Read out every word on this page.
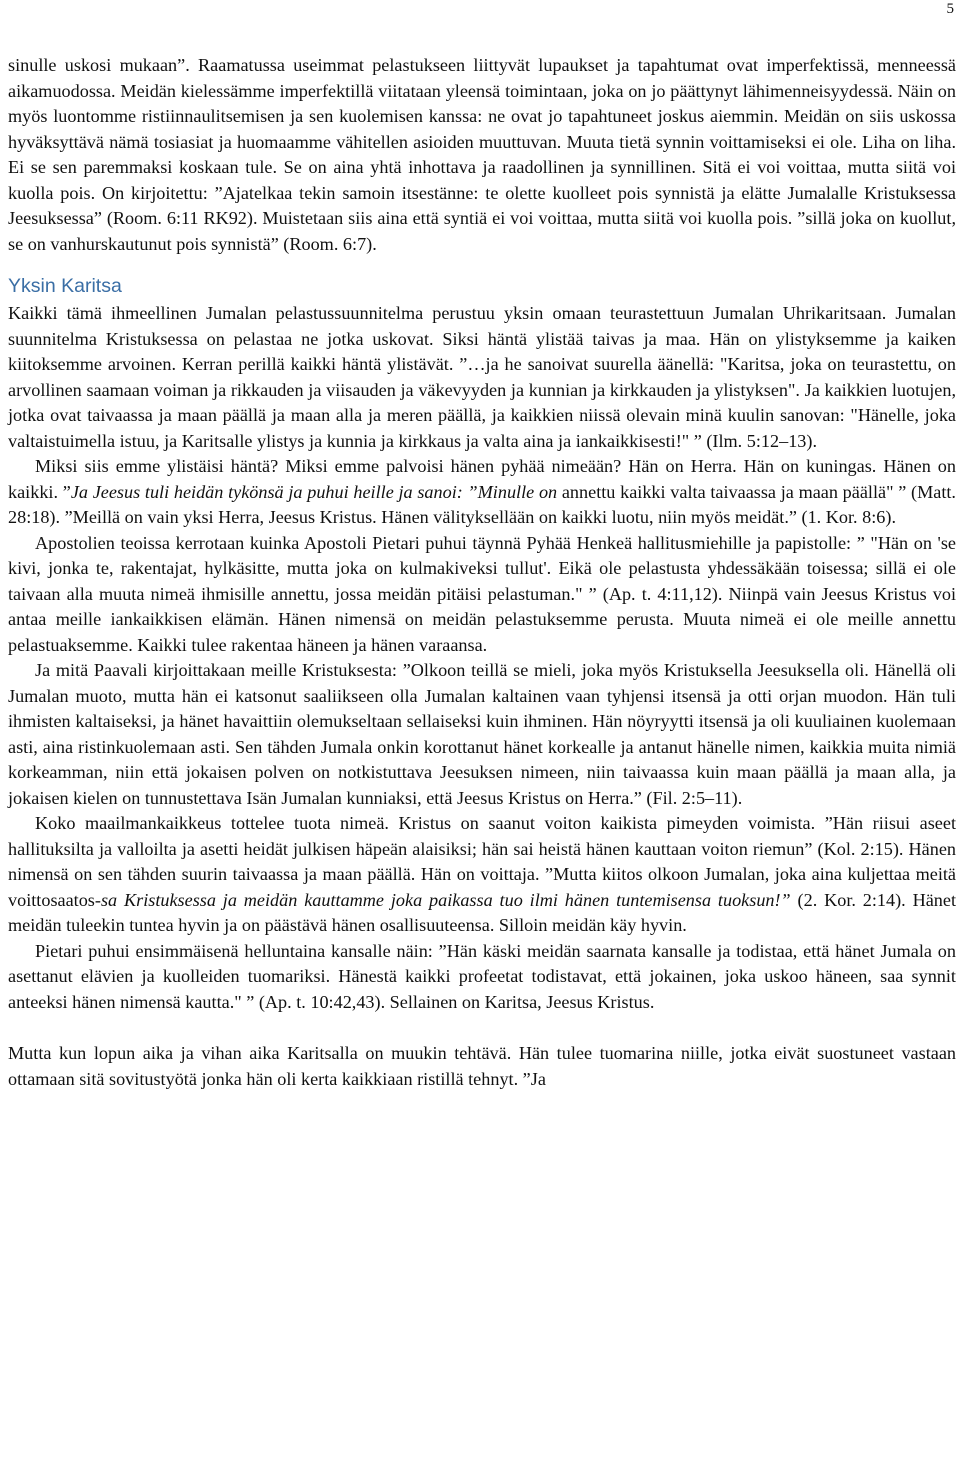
5

sinulle uskosi mukaan”. Raamatussa useimmat pelastukseen liittyvät lupaukset ja tapahtumat ovat imperfektissä, menneessä aikamuodossa. Meidän kielessämme imperfektillä viitataan yleensä toimintaan, joka on jo päättynyt lähimenneisyydessä. Näin on myös luontomme ristiinnaulitsemisen ja sen kuolemisen kanssa: ne ovat jo tapahtuneet joskus aiemmin. Meidän on siis uskossa hyväksyttävä nämä tosiasiat ja huomaamme vähitellen asioiden muuttuvan. Muuta tietä synnin voittamiseksi ei ole. Liha on liha. Ei se sen paremmaksi koskaan tule. Se on aina yhtä inhottava ja raadollinen ja synnillinen. Sitä ei voi voittaa, mutta siitä voi kuolla pois. On kirjoitettu: ”Ajatelkaa tekin samoin itsestänne: te olette kuolleet pois synnistä ja elätte Jumalalle Kristuksessa Jeesuksessa” (Room. 6:11 RK92). Muistetaan siis aina että syntiä ei voi voittaa, mutta siitä voi kuolla pois. ”sillä joka on kuollut, se on vanhurskautunut pois synnistä” (Room. 6:7).

Yksin Karitsa

Kaikki tämä ihmeellinen Jumalan pelastussuunnitelma perustuu yksin omaan teurastettuun Jumalan Uhrikaritsaan. Jumalan suunnitelma Kristuksessa on pelastaa ne jotka uskovat. Siksi häntä ylistää taivas ja maa. Hän on ylistyksemme ja kaiken kiitoksemme arvoinen. Kerran perillä kaikki häntä ylistävät. ”…ja he sanoivat suurella äänellä: "Karitsa, joka on teurastettu, on arvollinen saamaan voiman ja rikkauden ja viisauden ja väkevyyden ja kunnian ja kirkkauden ja ylistyksen". Ja kaikkien luotujen, jotka ovat taivaassa ja maan päällä ja maan alla ja meren päällä, ja kaikkien niissä olevain minä kuulin sanovan: "Hänelle, joka valtaistuimella istuu, ja Karitsalle ylistys ja kunnia ja kirkkaus ja valta aina ja iankaikkisesti!" ” (Ilm. 5:12–13).

Miksi siis emme ylistäisi häntä? Miksi emme palvoisi hänen pyhää nimeään? Hän on Herra. Hän on kuningas. Hänen on kaikki. ”Ja Jeesus tuli heidän tykönsä ja puhui heille ja sanoi: ”Minulle on annettu kaikki valta taivaassa ja maan päällä" ” (Matt. 28:18). ”Meillä on vain yksi Herra, Jeesus Kristus. Hänen välityksellään on kaikki luotu, niin myös meidät.” (1. Kor. 8:6).

Apostolien teoissa kerrotaan kuinka Apostoli Pietari puhui täynnä Pyhää Henkeä hallitusmiehille ja papistolle: ” "Hän on 'se kivi, jonka te, rakentajat, hylkäsitte, mutta joka on kulmakiveksi tullut'. Eikä ole pelastusta yhdessäkään toisessa; sillä ei ole taivaan alla muuta nimeä ihmisille annettu, jossa meidän pitäisi pelastuman." ” (Ap. t. 4:11,12). Niinpä vain Jeesus Kristus voi antaa meille iankaikkisen elämän. Hänen nimensä on meidän pelastuksemme perusta. Muuta nimeä ei ole meille annettu pelastuaksemme. Kaikki tulee rakentaa häneen ja hänen varaansa.

Ja mitä Paavali kirjoittakaan meille Kristuksesta: ”Olkoon teillä se mieli, joka myös Kristuksella Jeesuksella oli. Hänellä oli Jumalan muoto, mutta hän ei katsonut saaliikseen olla Jumalan kaltainen vaan tyhjensi itsensä ja otti orjan muodon. Hän tuli ihmisten kaltaiseksi, ja hänet havaittiin olemukseltaan sellaiseksi kuin ihminen. Hän nöyryytti itsensä ja oli kuuliainen kuolemaan asti, aina ristinkuolemaan asti. Sen tähden Jumala onkin korottanut hänet korkealle ja antanut hänelle nimen, kaikkia muita nimiä korkeamman, niin että jokaisen polven on notkistuttava Jeesuksen nimeen, niin taivaassa kuin maan päällä ja maan alla, ja jokaisen kielen on tunnustettava Isän Jumalan kunniaksi, että Jeesus Kristus on Herra.” (Fil. 2:5–11).

Koko maailmankaikkeus tottelee tuota nimeä. Kristus on saanut voiton kaikista pimeyden voimista. ”Hän riisui aseet hallituksilta ja valloilta ja asetti heidät julkisen häpeän alaisiksi; hän sai heistä hänen kauttaan voiton riemun” (Kol. 2:15). Hänen nimensä on sen tähden suurin taivaassa ja maan päällä. Hän on voittaja. ”Mutta kiitos olkoon Jumalan, joka aina kuljettaa meitä voittosaatos-sa Kristuksessa ja meidän kauttamme joka paikassa tuo ilmi hänen tuntemisensa tuoksun!” (2. Kor. 2:14). Hänet meidän tuleekin tuntea hyvin ja on päästävä hänen osallisuuteensa. Silloin meidän käy hyvin.

Pietari puhui ensimmäisenä helluntaina kansalle näin: ”Hän käski meidän saarnata kansalle ja todistaa, että hänet Jumala on asettanut elävien ja kuolleiden tuomariksi. Hänestä kaikki profeetat todistavat, että jokainen, joka uskoo häneen, saa synnit anteeksi hänen nimensä kautta." ” (Ap. t. 10:42,43). Sellainen on Karitsa, Jeesus Kristus.

Mutta kun lopun aika ja vihan aika Karitsalla on muukin tehtävä. Hän tulee tuomarina niille, jotka eivät suostuneet vastaan ottamaan sitä sovitustyötä jonka hän oli kerta kaikkiaan ristillä tehnyt. ”Ja
